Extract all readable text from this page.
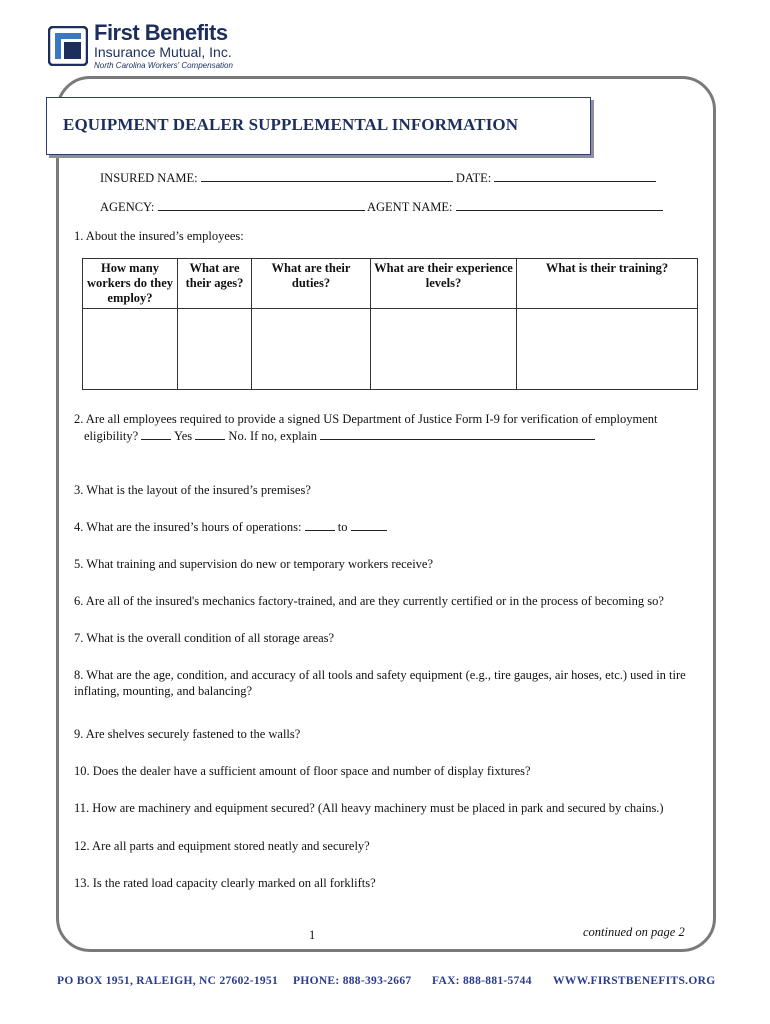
First Benefits
Insurance Mutual, Inc.
North Carolina Workers' Compensation
EQUIPMENT DEALER SUPPLEMENTAL INFORMATION
INSURED NAME:	DATE:
AGENCY:	AGENT NAME:
1. About the insured’s employees:
How many workers do they employ?	What are their ages?	What are their duties?	What are their experience levels?	What is their training?

2. Are all employees required to provide a signed US Department of Justice Form I-9 for verification of employment
eligibility?	Yes	No. If no, explain
3. What is the layout of the insured’s premises?
4. What are the insured’s hours of operations:	to
5. What training and supervision do new or temporary workers receive?
6. Are all of the insured's mechanics factory-trained, and are they currently certified or in the process of becoming so?
7. What is the overall condition of all storage areas?
8. What are the age, condition, and accuracy of all tools and safety equipment (e.g., tire gauges, air hoses, etc.) used in tire
inflating, mounting, and balancing?
9. Are shelves securely fastened to the walls?
10. Does the dealer have a sufficient amount of floor space and number of display fixtures?
11. How are machinery and equipment secured? (All heavy machinery must be placed in park and secured by chains.)
12. Are all parts and equipment stored neatly and securely?
13. Is the rated load capacity clearly marked on all forklifts?
1	continued on page 2
PO BOX 1951, RALEIGH, NC 27602-1951 PHONE: 888-393-2667 FAX: 888-881-5744 WWW.FIRSTBENEFITS.ORG
